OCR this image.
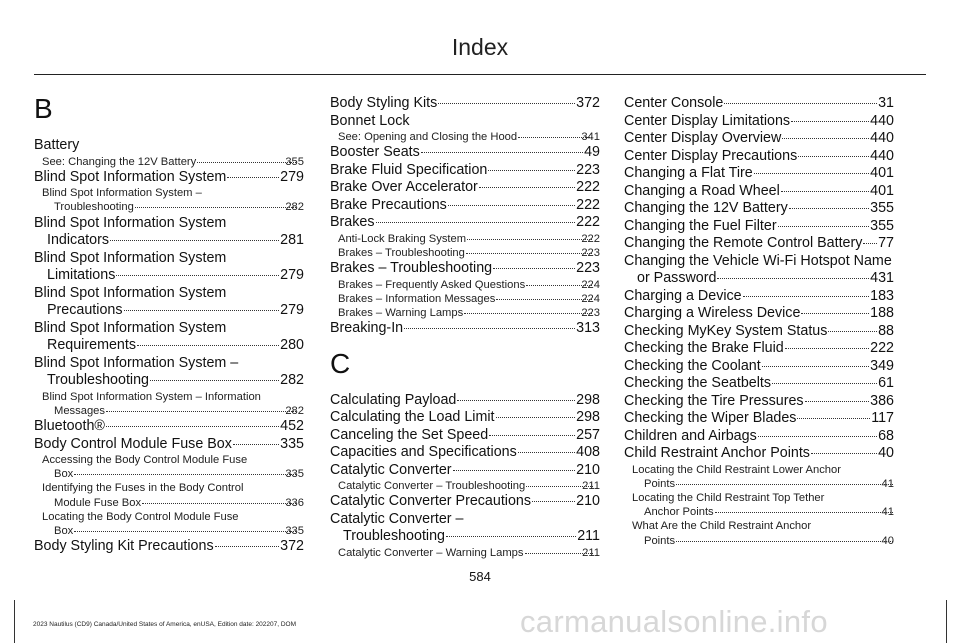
Index
B
Battery
See: Changing the 12V Battery	355
Blind Spot Information System	279
Blind Spot Information System –
Troubleshooting	282
Blind Spot Information System
Indicators	281
Blind Spot Information System
Limitations	279
Blind Spot Information System
Precautions	279
Blind Spot Information System
Requirements	280
Blind Spot Information System –
Troubleshooting	282
Blind Spot Information System – Information
Messages	282
Bluetooth®	452
Body Control Module Fuse Box	335
Accessing the Body Control Module Fuse
Box	335
Identifying the Fuses in the Body Control
Module Fuse Box	336
Locating the Body Control Module Fuse
Box	335
Body Styling Kit Precautions	372
Body Styling Kits	372
Bonnet Lock
See: Opening and Closing the Hood	341
Booster Seats	49
Brake Fluid Specification	223
Brake Over Accelerator	222
Brake Precautions	222
Brakes	222
Anti-Lock Braking System	222
Brakes – Troubleshooting	223
Brakes – Troubleshooting	223
Brakes – Frequently Asked Questions	224
Brakes – Information Messages	224
Brakes – Warning Lamps	223
Breaking-In	313
C
Calculating Payload	298
Calculating the Load Limit	298
Canceling the Set Speed	257
Capacities and Specifications	408
Catalytic Converter	210
Catalytic Converter – Troubleshooting	211
Catalytic Converter Precautions	210
Catalytic Converter –
Troubleshooting	211
Catalytic Converter – Warning Lamps	211
Center Console	31
Center Display Limitations	440
Center Display Overview	440
Center Display Precautions	440
Changing a Flat Tire	401
Changing a Road Wheel	401
Changing the 12V Battery	355
Changing the Fuel Filter	355
Changing the Remote Control Battery 77
Changing the Vehicle Wi-Fi Hotspot Name
or Password	431
Charging a Device	183
Charging a Wireless Device	188
Checking MyKey System Status	88
Checking the Brake Fluid	222
Checking the Coolant	349
Checking the Seatbelts	61
Checking the Tire Pressures	386
Checking the Wiper Blades	117
Children and Airbags	68
Child Restraint Anchor Points	40
Locating the Child Restraint Lower Anchor
Points	41
Locating the Child Restraint Top Tether
Anchor Points	41
What Are the Child Restraint Anchor
Points	40
584
2023 Nautilus (CD9) Canada/United States of America, enUSA, Edition date: 202207, DOM	carmanualsonline.info
